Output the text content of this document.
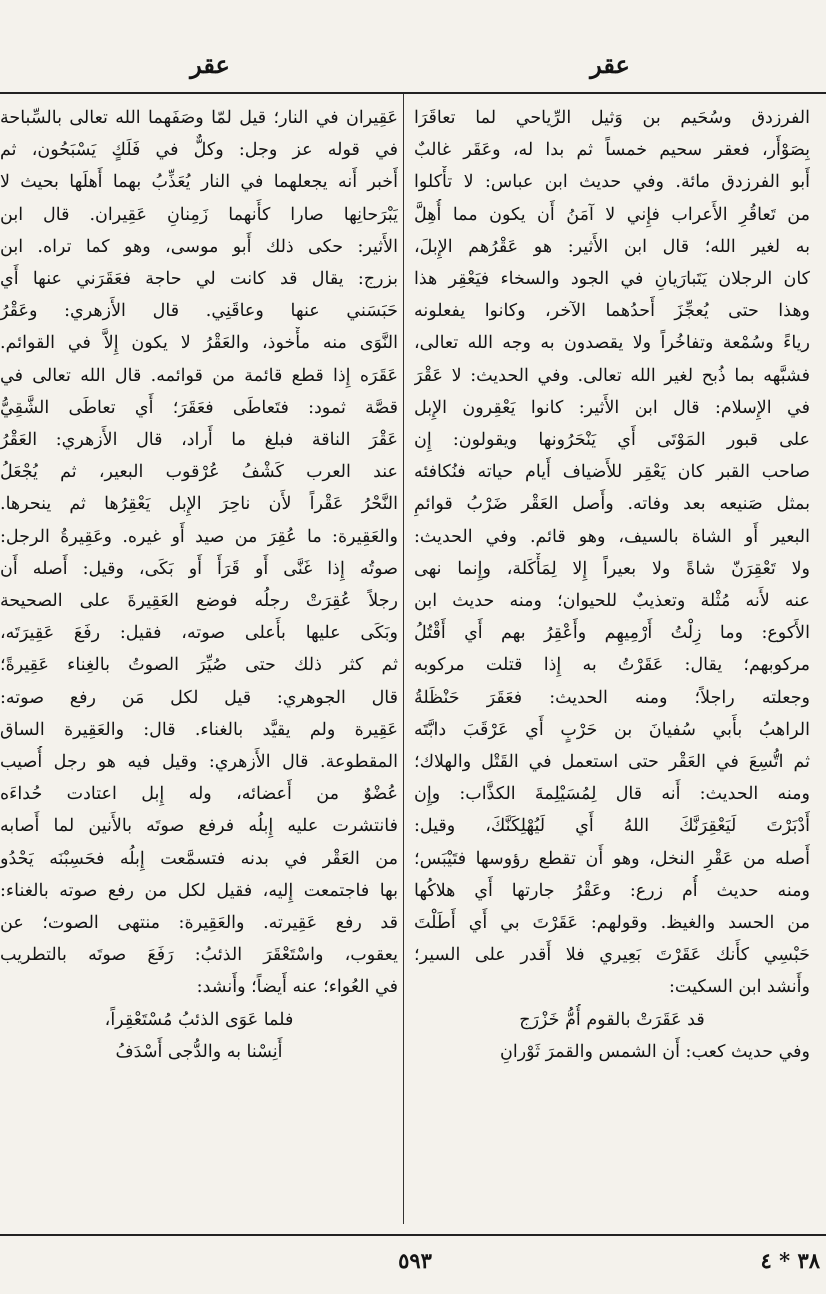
عقر
عقر
الفرزدق وسُحَيم بن وَثيل الرِّياحي لما تعاقَرَا
بِصَوْأَر، فعقر سحيم خمساً ثم بدا له، وعَقَر غالبٌ
أَبو الفرزدق مائة. وفي حديث ابن عباس: لا تأْكلوا
من تَعاقُرِ الأَعراب فإِني لا آمَنُ أَن يكون مما أُهِلَّ
به لغير الله؛ قال ابن الأَثير: هو عَقْرُهم الإِبلَ،
كان الرجلان يَتَبارَيانِ في الجود والسخاء فيَعْقِر هذا
وهذا حتى يُعجِّزَ أَحدُهما الآخر، وكانوا يفعلونه
رياءً وسُمْعة وتفاخُراً ولا يقصدون به وجه الله تعالى،
فشبَّهه بما ذُبح لغير الله تعالى. وفي الحديث: لا عَقْرَ
في الإِسلام: قال ابن الأَثير: كانوا يَعْقِرون الإِبل
على قبور المَوْتَى أَي يَنْحَرُونها ويقولون: إِن
صاحب القبر كان يَعْقِر للأَضياف أَيام حياته فنُكافئه
بمثل صَنيعه بعد وفاته. وأَصل العَقْر ضَرْبُ قوائمِ
البعير أَو الشاة بالسيف، وهو قائم. وفي الحديث:
ولا تَعْقِرَنّ شاةً ولا بعيراً إِلا لِمَأْكَلة، وإِنما نهى
عنه لأَنه مُثْلة وتعذيبٌ للحيوان؛ ومنه حديث ابن
الأَكوع: وما زِلْتُ أَرْمِيهِم وأَعْقِرُ بهم أَي أَقْتُلُ
مركوبهم؛ يقال: عَقَرْتُ به إِذا قتلت مركوبه
وجعلته راجلاً؛ ومنه الحديث: فعَقَرَ حَنْظَلةُ
الراهبُ بأَبي سُفيانَ بن حَرْبٍ أَي عَرْقَبَ دابَّتَه
ثم اتُّسِعَ في العَقْر حتى استعمل في القَتْل والهلاك؛
ومنه الحديث: أَنه قال لِمُسَيْلِمةَ الكذَّاب: وإِن
أَدْبَرْتَ لَيَعْقِرَنَّكَ اللهُ أَي لَيُهْلِكَنَّكَ، وقيل:
أَصله من عَقْرِ النخل، وهو أَن تقطع رؤوسها فتَيْبَس؛
ومنه حديث أُم زرع: وعَقْرُ جارتها أَي هلاكُها
من الحسد والغيظ. وقولهم: عَقَرْتَ بي أَي أَطَلْتَ
حَبْسِي كأَنك عَقَرْتَ بَعِيري فلا أَقدر على السير؛
وأَنشد ابن السكيت:
قد عَقَرَتْ بالقوم أُمُّ خَزْرَج
وفي حديث كعب: أَن الشمس والقمرَ ثَوْرانِ
عَقِيران في النار؛ قيل لمّا وصَفَهما الله تعالى بالسِّباحة
في قوله عز وجل: وكلٌّ في فَلَكٍ يَسْبَحُون، ثم
أَخبر أَنه يجعلهما في النار يُعَذِّبُ بهما أَهلَها بحيث لا
يَبْرَحانِها صارا كأَنهما زَمِنانِ عَقِيران. قال ابن
الأَثير: حكى ذلك أَبو موسى، وهو كما تراه. ابن
بزرج: يقال قد كانت لي حاجة فعَقَرَني عنها أَي
حَبَسَني عنها وعاقَنِي. قال الأَزهري: وعَقْرُ
النَّوَى منه مأْخوذ، والعَقْرُ لا يكون إِلاَّ في القوائم.
عَقَرَه إِذا قطع قائمة من قوائمه. قال الله تعالى في
قصَّة ثمود: فتَعاطَى فعَقَرَ؛ أَي تعاطَى الشَّقِيُّ
عَقْرَ الناقة فبلغ ما أَراد، قال الأَزهري: العَقْرُ
عند العرب كَشْفُ عُرْقوب البعير، ثم يُجْعَلُ
النَّحْرُ عَقْراً لأَن ناحِرَ الإِبل يَعْقِرُها ثم ينحرها.
والعَقِيرة: ما عُقِرَ من صيد أَو غيره. وعَقِيرةُ الرجل:
صوتُه إِذا غَنَّى أَو قَرَأَ أَو بَكَى، وقيل: أَصله أَن
رجلاً عُقِرَتْ رجلُه فوضع العَقِيرةَ على الصحيحة
وبَكَى عليها بأَعلى صوته، فقيل: رفَعَ عَقِيرَتَه،
ثم كثر ذلك حتى صُيِّرَ الصوتُ بالغِناء عَقِيرةً؛
قال الجوهري: قيل لكل مَن رفع صوته:
عَقِيرة ولم يقيَّد بالغناء. قال: والعَقِيرة الساق
المقطوعة. قال الأَزهري: وقيل فيه هو رجل أُصيب
عُضْوٌ من أَعضائه، وله إِبل اعتادت حُداءَه
فانتشرت عليه إِبلُه فرفع صوتَه بالأَنين لما أَصابه
من العَقْر في بدنه فتسمَّعت إِبلُه فحَسِبْنَه يَحْدُو
بها فاجتمعت إِليه، فقيل لكل من رفع صوته بالغناء:
قد رفع عَقِيرته. والعَقِيرة: منتهى الصوت؛ عن
يعقوب، واسْتَعْقَرَ الذئبُ: رَفَعَ صوتَه بالتطريب
في العُواء؛ عنه أَيضاً؛ وأَنشد:
فلما عَوَى الذئبُ مُسْتَعْقِراً،
أَنِسْنا به والدُّجى أَسْدَفُ
٥٩٣	٣٨ * ٤
